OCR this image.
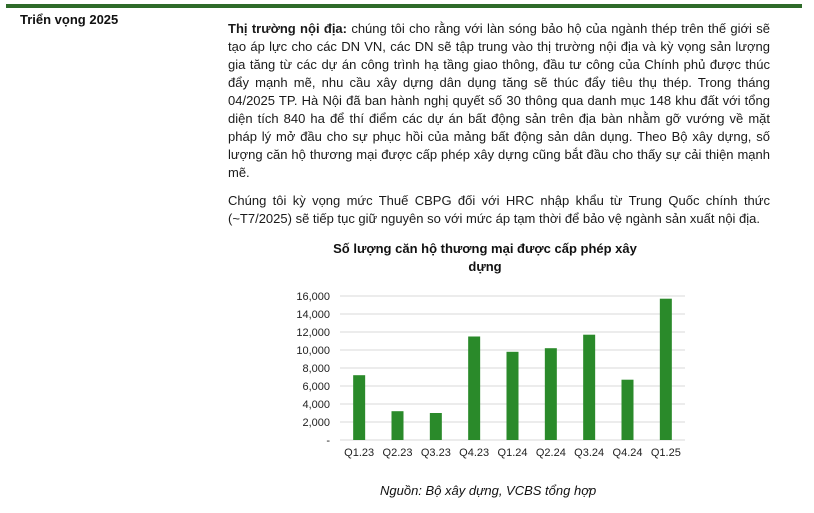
Triển vọng 2025

Thị trường nội địa: chúng tôi cho rằng với làn sóng bảo hộ của ngành thép trên thế giới sẽ tạo áp lực cho các DN VN, các DN sẽ tập trung vào thị trường nội địa và kỳ vọng sản lượng gia tăng từ các dự án công trình hạ tầng giao thông, đầu tư công của Chính phủ được thúc đẩy mạnh mẽ, nhu cầu xây dựng dân dụng tăng sẽ thúc đẩy tiêu thụ thép. Trong tháng 04/2025 TP. Hà Nội đã ban hành nghị quyết số 30 thông qua danh mục 148 khu đất với tổng diện tích 840 ha để thí điểm các dự án bất động sản trên địa bàn nhằm gỡ vướng về mặt pháp lý mở đầu cho sự phục hồi của mảng bất động sản dân dụng. Theo Bộ xây dựng, số lượng căn hộ thương mại được cấp phép xây dựng cũng bắt đầu cho thấy sự cải thiện mạnh mẽ.

Chúng tôi kỳ vọng mức Thuế CBPG đối với HRC nhập khẩu từ Trung Quốc chính thức (~T7/2025) sẽ tiếp tục giữ nguyên so với mức áp tạm thời để bảo vệ ngành sản xuất nội địa.

Số lượng căn hộ thương mại được cấp phép xây dựng
-
2,000
4,000
6,000
8,000
10,000
12,000
14,000
16,000
Q1.23 Q2.23 Q3.23 Q4.23 Q1.24 Q2.24 Q3.24 Q4.24 Q1.25
Nguồn: Bộ xây dựng, VCBS tổng hợp
